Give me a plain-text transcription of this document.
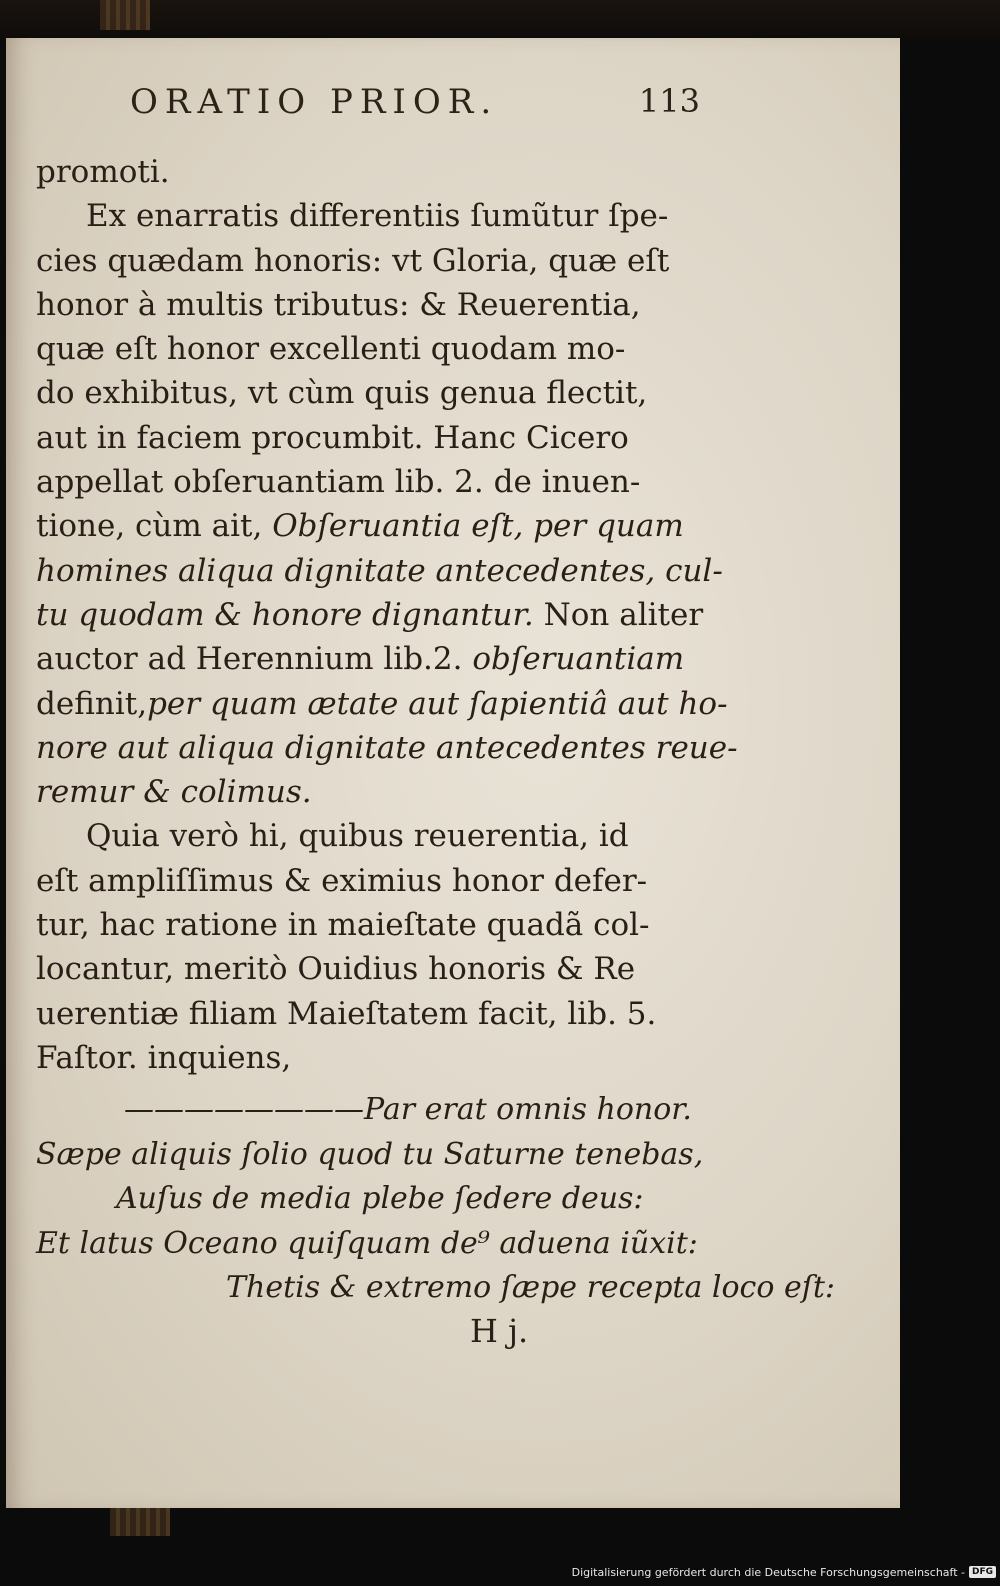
ORATIO PRIOR.	113
promoti.
Ex enarratis differentiis ſumũtur ſpe-
cies quædam honoris: vt Gloria, quæ eſt
honor à multis tributus: & Reuerentia,
quæ eſt honor excellenti quodam mo-
do exhibitus, vt cùm quis genua flectit,
aut in faciem procumbit. Hanc Cicero
appellat obſeruantiam lib. 2. de inuen-
tione, cùm ait, Obſeruantia eſt, per quam
homines aliqua dignitate antecedentes, cul-
tu quodam & honore dignantur. Non aliter
auctor ad Herennium lib.2. obſeruantiam
definit,per quam ætate aut ſapientiâ aut ho-
nore aut aliqua dignitate antecedentes reue-
remur & colimus.
Quia verò hi, quibus reuerentia, id
eſt ampliſſimus & eximius honor defer-
tur, hac ratione in maieſtate quadã col-
locantur, meritò Ouidius honoris & Re
uerentiæ filiam Maieſtatem facit, lib. 5.
Faſtor. inquiens,
————————Par erat omnis honor.
Sæpe aliquis ſolio quod tu Saturne tenebas,
Auſus de media plebe ſedere deus:
Et latus Oceano quiſquam de⁹ aduena iũxit:
Thetis & extremo ſæpe recepta loco eſt:
H j.
Digitalisierung gefördert durch die Deutsche Forschungsgemeinschaft - DFG
